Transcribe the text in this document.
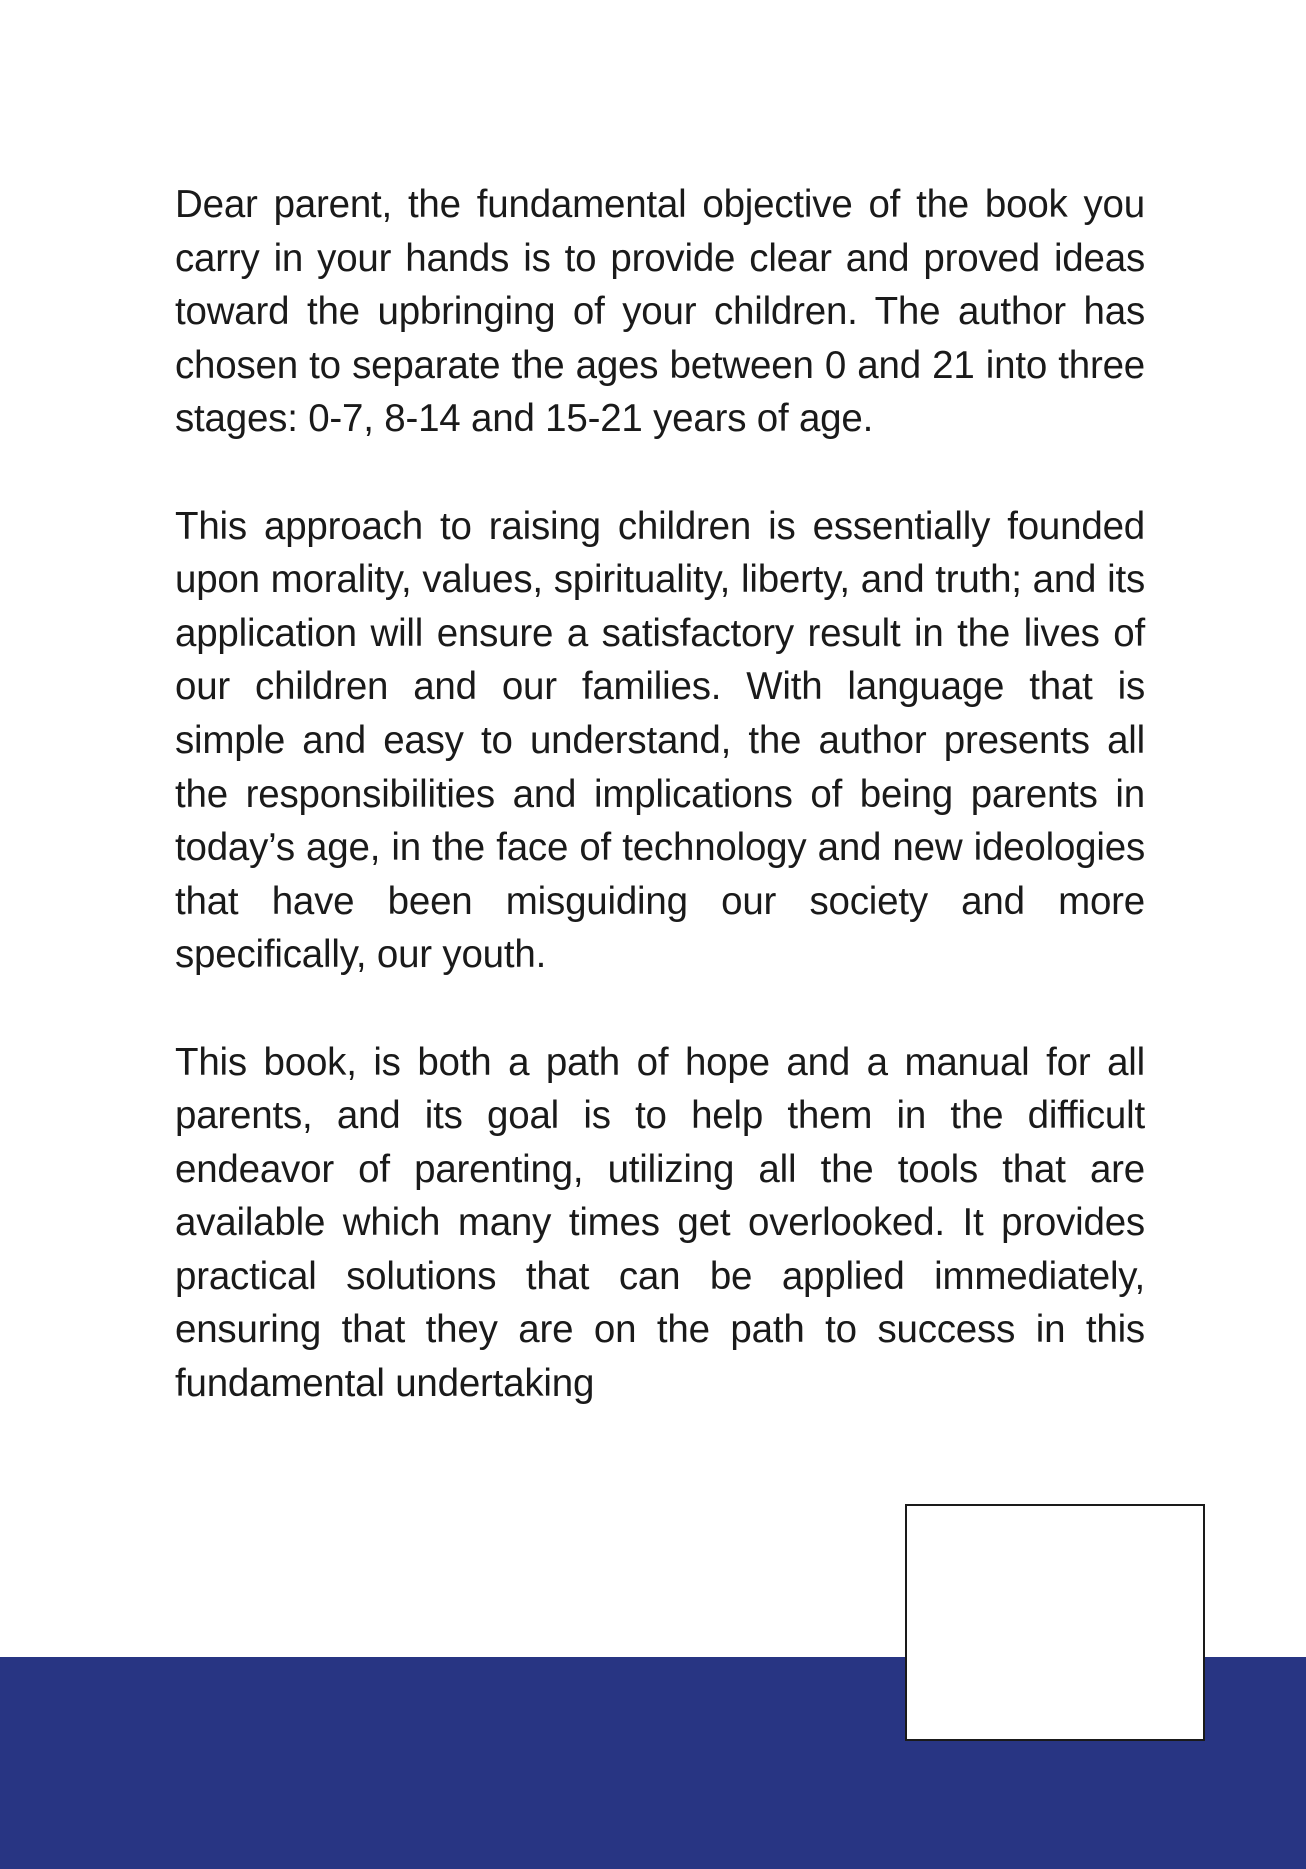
Dear parent, the fundamental objective of the book you carry in your hands is to provide clear and proved ideas toward the upbringing of your children. The author has chosen to separate the ages between 0 and 21 into three stages: 0-7, 8-14 and 15-21 years of age.

This approach to raising children is essentially founded upon morality, values, spirituality, liberty, and truth; and its application will ensure a satisfactory result in the lives of our children and our families. With language that is simple and easy to understand, the author presents all the responsibilities and implications of being parents in today’s age, in the face of technology and new ideologies that have been misguiding our society and more specifically, our youth.

This book, is both a path of hope and a manual for all parents, and its goal is to help them in the difficult endeavor of parenting, utilizing all the tools that are available which many times get overlooked. It provides practical solutions that can be applied immediately, ensuring that they are on the path to success in this fundamental undertaking
